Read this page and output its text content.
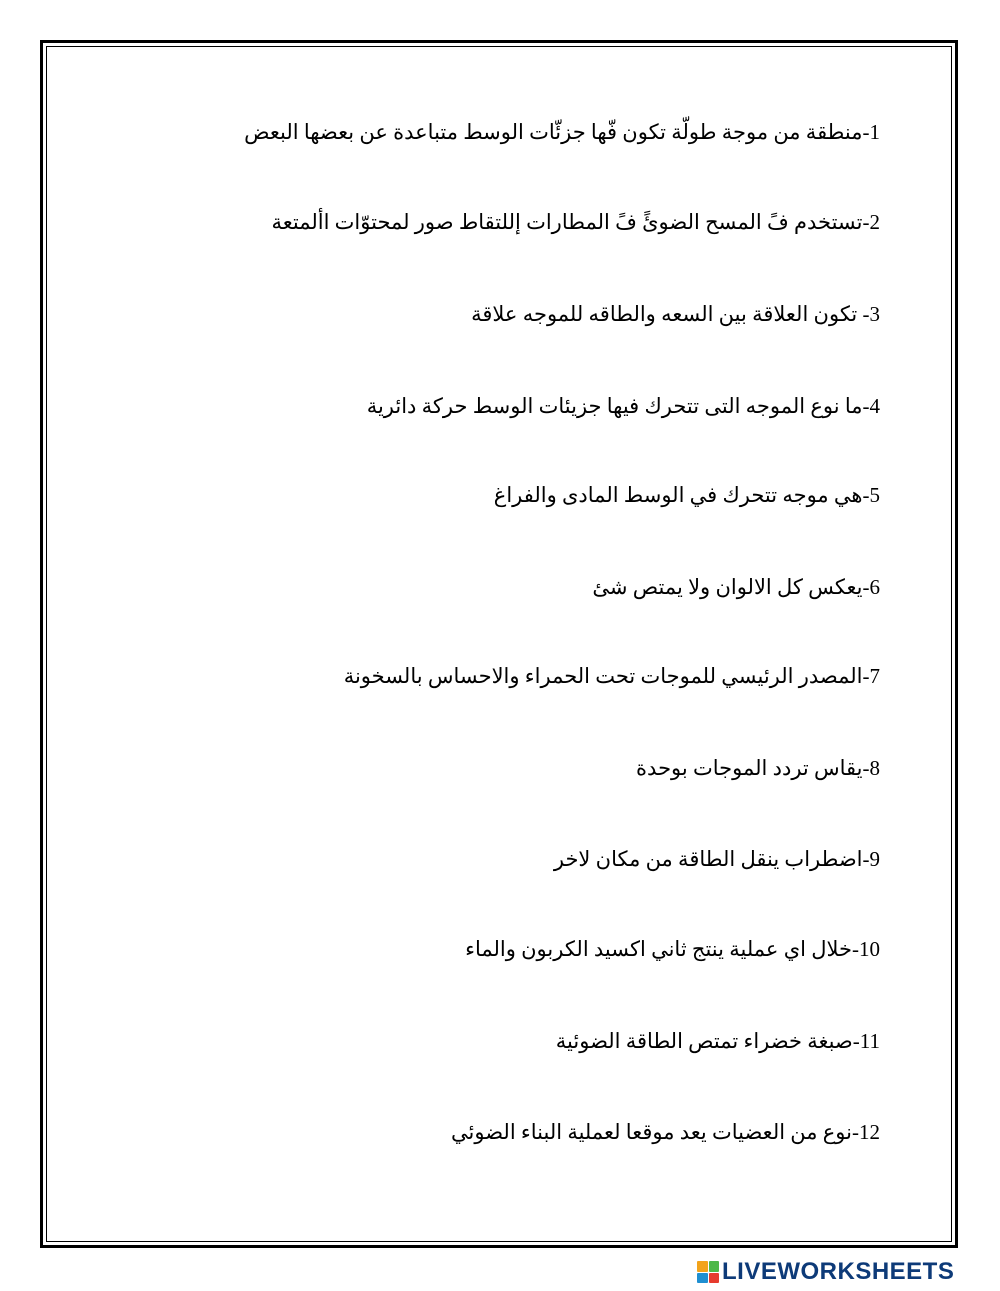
1-منطقة من موجة طولّة تكون فّها جزئّات الوسط متباعدة عن بعضها البعض
2-تستخدم فً المسح الضوئً فً المطارات إللتقاط صور لمحتوّات األمتعة
3- تكون العلاقة بين السعه والطاقه للموجه علاقة
4-ما نوع الموجه التى تتحرك فيها جزيئات الوسط حركة دائرية
5-هي موجه تتحرك في الوسط المادى والفراغ
6-يعكس كل الالوان ولا يمتص شئ
7-المصدر الرئيسي للموجات تحت الحمراء والاحساس بالسخونة
8-يقاس تردد الموجات بوحدة
9-اضطراب ينقل الطاقة من مكان لاخر
10-خلال اي عملية ينتج ثاني اكسيد الكربون والماء
11-صبغة خضراء تمتص الطاقة الضوئية
12-نوع من العضيات يعد موقعا لعملية البناء الضوئي
LIVEWORKSHEETS
